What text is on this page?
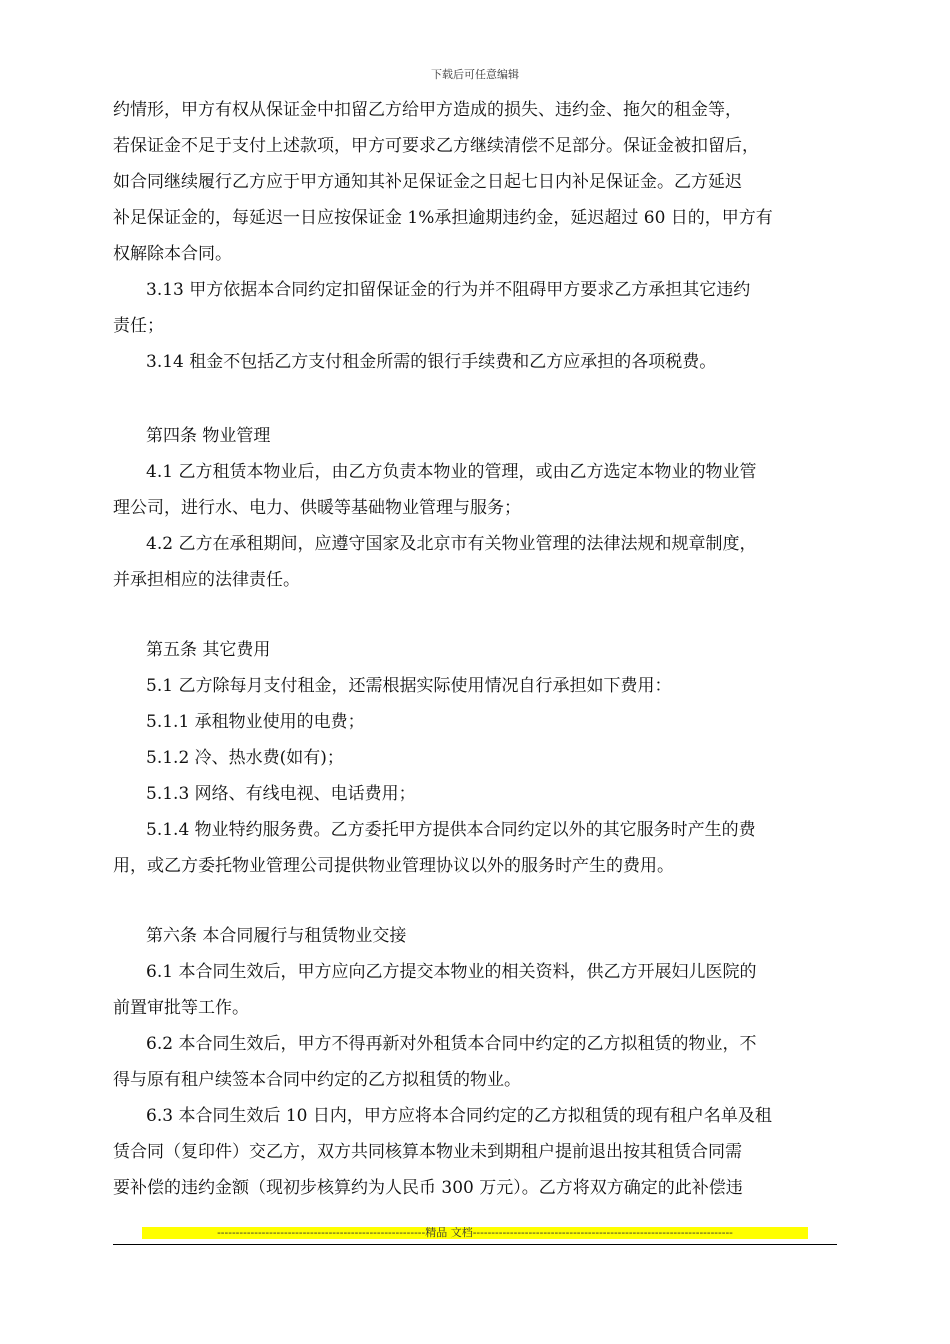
下载后可任意编辑
约情形，甲方有权从保证金中扣留乙方给甲方造成的损失、违约金、拖欠的租金等，
若保证金不足于支付上述款项，甲方可要求乙方继续清偿不足部分。保证金被扣留后，
如合同继续履行乙方应于甲方通知其补足保证金之日起七日内补足保证金。乙方延迟
补足保证金的，每延迟一日应按保证金 1%承担逾期违约金，延迟超过 60 日的，甲方有
权解除本合同。
3.13 甲方依据本合同约定扣留保证金的行为并不阻碍甲方要求乙方承担其它违约
责任；
3.14 租金不包括乙方支付租金所需的银行手续费和乙方应承担的各项税费。
第四条 物业管理
4.1 乙方租赁本物业后，由乙方负责本物业的管理，或由乙方选定本物业的物业管
理公司，进行水、电力、供暖等基础物业管理与服务；
4.2 乙方在承租期间，应遵守国家及北京市有关物业管理的法律法规和规章制度，
并承担相应的法律责任。
第五条 其它费用
5.1 乙方除每月支付租金，还需根据实际使用情况自行承担如下费用：
5.1.1 承租物业使用的电费；
5.1.2 冷、热水费(如有)；
5.1.3 网络、有线电视、电话费用；
5.1.4 物业特约服务费。乙方委托甲方提供本合同约定以外的其它服务时产生的费
用，或乙方委托物业管理公司提供物业管理协议以外的服务时产生的费用。
第六条 本合同履行与租赁物业交接
6.1 本合同生效后，甲方应向乙方提交本物业的相关资料，供乙方开展妇儿医院的
前置审批等工作。
6.2 本合同生效后，甲方不得再新对外租赁本合同中约定的乙方拟租赁的物业，不
得与原有租户续签本合同中约定的乙方拟租赁的物业。
6.3 本合同生效后 10 日内，甲方应将本合同约定的乙方拟租赁的现有租户名单及租
赁合同（复印件）交乙方，双方共同核算本物业未到期租户提前退出按其租赁合同需
要补偿的违约金额（现初步核算约为人民币 300 万元）。乙方将双方确定的此补偿违
--------------------------------------------------------精品 文档----------------------------------------------------------------------
